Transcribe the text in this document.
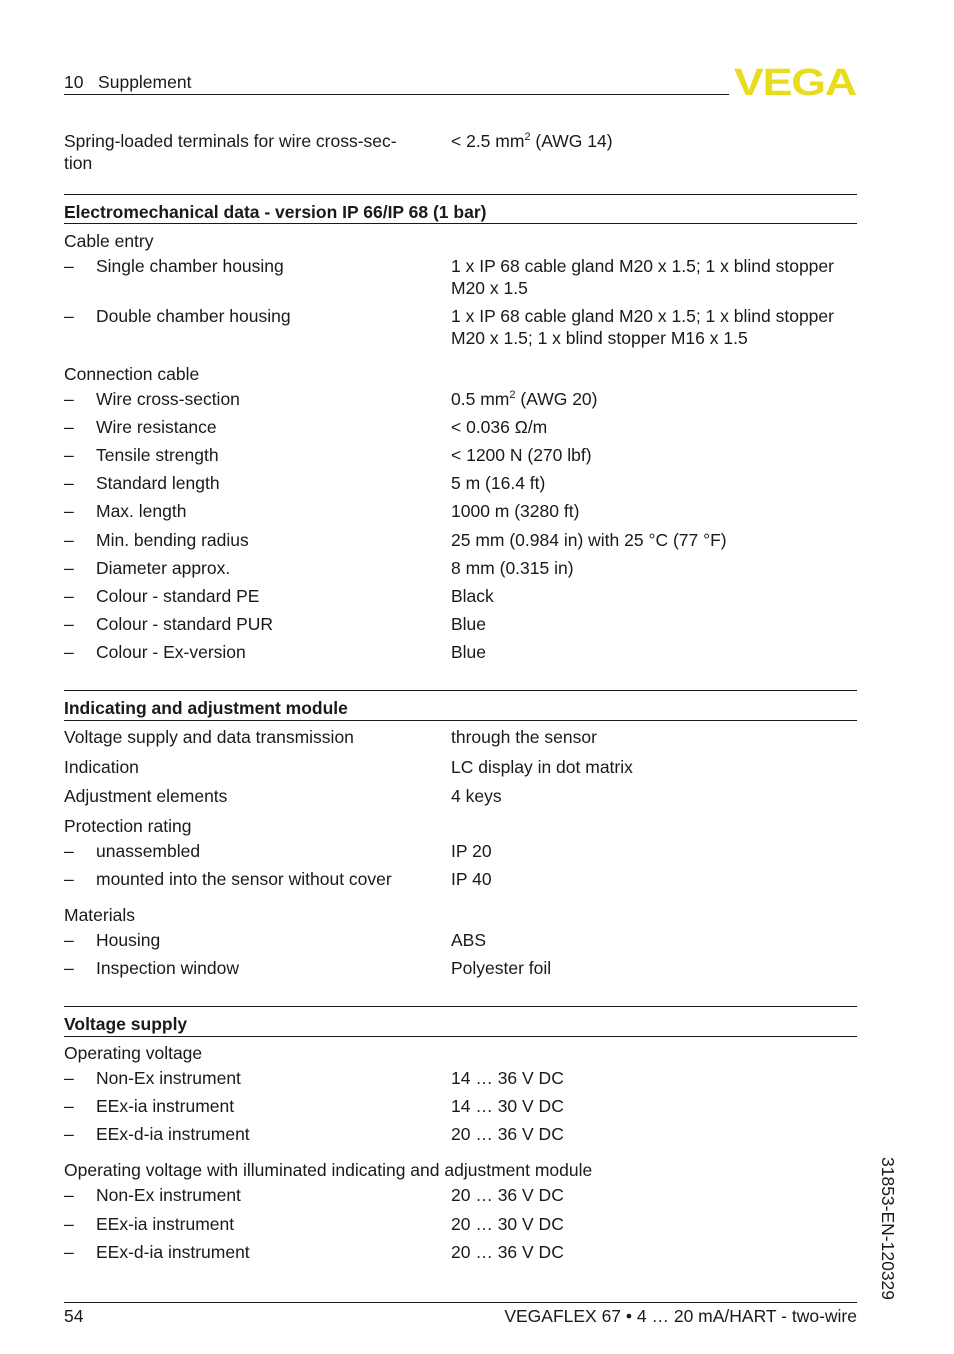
10   Supplement	VEGA
Spring-loaded terminals for wire cross-sec-
tion
< 2.5 $mm^2$ (AWG 14)
Electromechanical data - version IP 66/IP 68 (1 bar)
Cable entry
– Single chamber housing	1 x IP 68 cable gland M20 x 1.5; 1 x blind stopper
M20 x 1.5
– Double chamber housing	1 x IP 68 cable gland M20 x 1.5; 1 x blind stopper
M20 x 1.5; 1 x blind stopper M16 x 1.5
Connection cable
– Wire cross-section	0.5 $mm^2$ (AWG 20)
– Wire resistance	< 0.036 Ω/m
– Tensile strength	< 1200 N (270 lbf)
– Standard length	5 m (16.4 ft)
– Max. length	1000 m (3280 ft)
– Min. bending radius	25 mm (0.984 in) with 25 °C (77 °F)
– Diameter approx.	8 mm (0.315 in)
– Colour - standard PE	Black
– Colour - standard PUR	Blue
– Colour - Ex-version	Blue
Indicating and adjustment module
Voltage supply and data transmission	through the sensor
Indication	LC display in dot matrix
Adjustment elements	4 keys
Protection rating
– unassembled	IP 20
– mounted into the sensor without cover	IP 40
Materials
– Housing	ABS
– Inspection window	Polyester foil
Voltage supply
Operating voltage
– Non-Ex instrument	14 … 36 V DC
– EEx-ia instrument	14 … 30 V DC
– EEx-d-ia instrument	20 … 36 V DC
Operating voltage with illuminated indicating and adjustment module
– Non-Ex instrument	20 … 36 V DC
– EEx-ia instrument	20 … 30 V DC
– EEx-d-ia instrument	20 … 36 V DC	31853-EN-120329
54	VEGAFLEX 67 • 4 … 20 mA/HART - two-wire
